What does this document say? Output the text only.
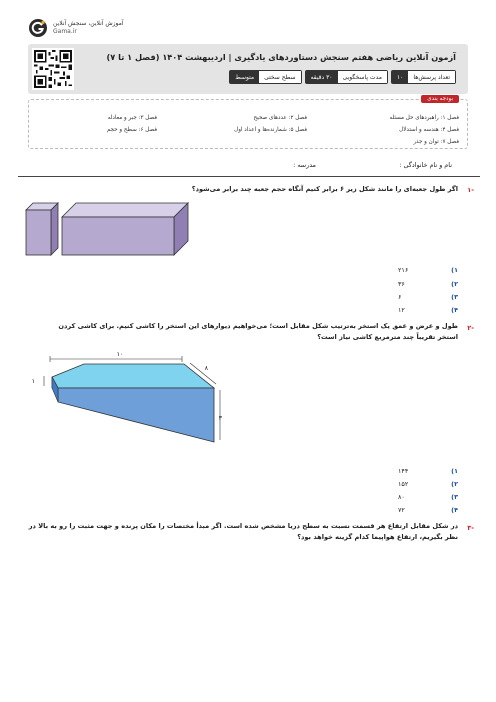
آموزش آنلاین، سنجش آنلاین
Gama.ir
آزمون آنلاین ریاضی هفتم سنجش دستاوردهای یادگیری | اردیبهشت ۱۴۰۴ (فصل ۱ تا ۷)
تعداد پرسش‌ها
۱۰
مدت پاسخگویی
۳۰ دقیقه
سطح سختی
متوسط
بودجه بندی
فصل ۱: راهبردهای حل مسئله
فصل ۲: عددهای صحیح
فصل ۳: جبر و معادله
فصل ۴: هندسه و استدلال
فصل ۵: شمارنده‌ها و اعداد اول
فصل ۶: سطح و حجم
فصل ۷: توان و جذر
نام و نام خانوادگی :
مدرسه :
-۱
اگر طول جعبه‌ای را مانند شکل زیر ۶ برابر کنیم آنگاه حجم جعبه چند برابر می‌شود؟
۱)
۲۱۶
۲)
۳۶
۳)
۶
۴)
۱۲
-۲
طول و عرض و عمق یک استخر به‌ترتیب شکل مقابل است؛ می‌خواهیم دیوارهای این استخر را کاشی کنیم. برای کاشی کردن استخر تقریباً چند مترمربع کاشی نیاز است؟
۱۰
۸
۳
۱
۱)
۱۴۴
۲)
۱۵۲
۳)
۸۰
۴)
۷۲
-۳
در شکل مقابل ارتفاع هر قسمت نسبت به سطح دریا مشخص شده است. اگر مبدأ مختصات را مکان پرنده و جهت مثبت را رو به بالا در نظر بگیریم، ارتفاع هواپیما کدام گزینه خواهد بود؟
